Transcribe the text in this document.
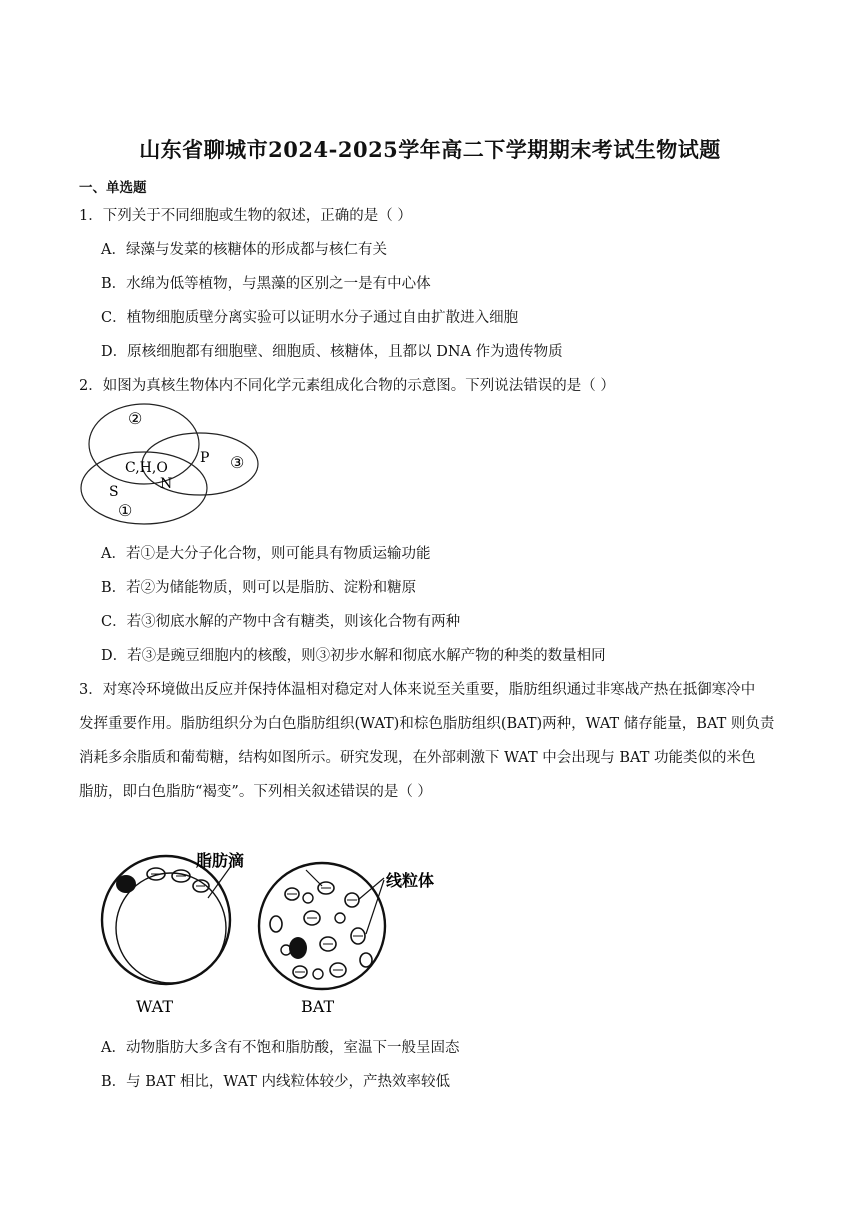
山东省聊城市2024-2025学年高二下学期期末考试生物试题
一、单选题
1．下列关于不同细胞或生物的叙述，正确的是（ ）
A．绿藻与发菜的核糖体的形成都与核仁有关
B．水绵为低等植物，与黑藻的区别之一是有中心体
C．植物细胞质壁分离实验可以证明水分子通过自由扩散进入细胞
D．原核细胞都有细胞壁、细胞质、核糖体，且都以 DNA 作为遗传物质
2．如图为真核生物体内不同化学元素组成化合物的示意图。下列说法错误的是（ ）
②
C,H,O
N
P ③
S
①
A．若①是大分子化合物，则可能具有物质运输功能
B．若②为储能物质，则可以是脂肪、淀粉和糖原
C．若③彻底水解的产物中含有糖类，则该化合物有两种
D．若③是豌豆细胞内的核酸，则③初步水解和彻底水解产物的种类的数量相同
3．对寒冷环境做出反应并保持体温相对稳定对人体来说至关重要，脂肪组织通过非寒战产热在抵御寒冷中
发挥重要作用。脂肪组织分为白色脂肪组织(WAT)和棕色脂肪组织(BAT)两种，WAT 储存能量，BAT 则负责
消耗多余脂质和葡萄糖，结构如图所示。研究发现，在外部刺激下 WAT 中会出现与 BAT 功能类似的米色
脂肪，即白色脂肪“褐变”。下列相关叙述错误的是（ ）
脂肪滴
线粒体
WAT	BAT
A．动物脂肪大多含有不饱和脂肪酸，室温下一般呈固态
B．与 BAT 相比，WAT 内线粒体较少，产热效率较低
